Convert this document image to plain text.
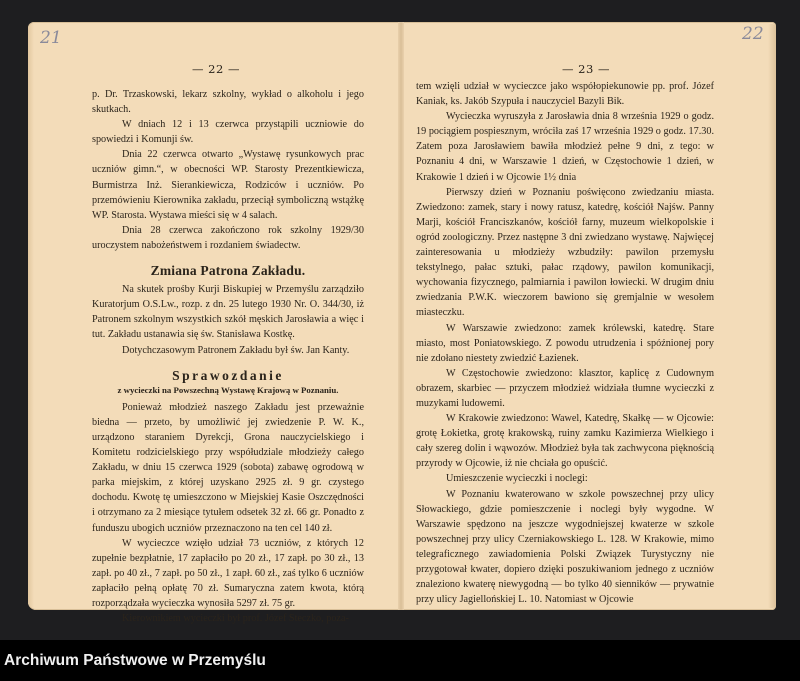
21
— 22 —

p. Dr. Trzaskowski, lekarz szkolny, wykład o alkoholu i jego skutkach.

W dniach 12 i 13 czerwca przystąpili uczniowie do spowiedzi i Komunji św.

Dnia 22 czerwca otwarto „Wystawę rysunkowych prac uczniów gimn.“, w obecności WP. Starosty Prezentkiewicza, Burmistrza Inż. Sierankiewicza, Rodziców i uczniów. Po przemówieniu Kierownika zakładu, przeciął symboliczną wstążkę WP. Starosta. Wystawa mieści się w 4 salach.

Dnia 28 czerwca zakończono rok szkolny 1929/30 uroczystem nabożeństwem i rozdaniem świadectw.

Zmiana Patrona Zakładu.

Na skutek prośby Kurji Biskupiej w Przemyślu zarządziło Kuratorjum O.S.Lw., rozp. z dn. 25 lutego 1930 Nr. O. 344/30, iż Patronem szkolnym wszystkich szkół męskich Jarosławia a więc i tut. Zakładu ustanawia się św. Stanisława Kostkę.

Dotychczasowym Patronem Zakładu był św. Jan Kanty.

Sprawozdanie
z wycieczki na Powszechną Wystawę Krajową w Poznaniu.

Ponieważ młodzież naszego Zakładu jest przeważnie biedna — przeto, by umożliwić jej zwiedzenie P. W. K., urządzono staraniem Dyrekcji, Grona nauczycielskiego i Komitetu rodzicielskiego przy współudziale młodzieży całego Zakładu, w dniu 15 czerwca 1929 (sobota) zabawę ogrodową w parka miejskim, z której uzyskano 2925 zł. 9 gr. czystego dochodu. Kwotę tę umieszczono w Miejskiej Kasie Oszczędności i otrzymano za 2 miesiące tytułem odsetek 32 zł. 66 gr. Ponadto z funduszu ubogich uczniów przeznaczono na ten cel 140 zł.

W wycieczce wzięło udział 73 uczniów, z których 12 zupełnie bezpłatnie, 17 zapłaciło po 20 zł., 17 zapł. po 30 zł., 13 zapł. po 40 zł., 7 zapł. po 50 zł., 1 zapł. 60 zł., zaś tylko 6 uczniów zapłaciło pełną opłatę 70 zł. Sumaryczna zatem kwota, którą rozporządzała wycieczka wynosiła 5297 zł. 75 gr.

Kierownikiem wycieczki był prof. Józef Steczko, poza-

22
— 23 —

tem wzięli udział w wycieczce jako współopiekunowie pp. prof. Józef Kaniak, ks. Jakób Szypuła i nauczyciel Bazyli Bik.

Wycieczka wyruszyła z Jarosławia dnia 8 września 1929 o godz. 19 pociągiem pospiesznym, wróciła zaś 17 września 1929 o godz. 17.30. Zatem poza Jarosławiem bawiła młodzież pełne 9 dni, z tego: w Poznaniu 4 dni, w Warszawie 1 dzień, w Częstochowie 1 dzień, w Krakowie 1 dzień i w Ojcowie 1½ dnia

Pierwszy dzień w Poznaniu poświęcono zwiedzaniu miasta. Zwiedzono: zamek, stary i nowy ratusz, katedrę, kościół Najśw. Panny Marji, kościół Franciszkanów, kościół farny, muzeum wielkopolskie i ogród zoologiczny. Przez następne 3 dni zwiedzano wystawę. Najwięcej zainteresowania u młodzieży wzbudziły: pawilon przemysłu tekstylnego, pałac sztuki, pałac rządowy, pawilon komunikacji, wychowania fizycznego, palmiarnia i pawilon łowiecki. W drugim dniu zwiedzania P.W.K. wieczorem bawiono się gremjalnie w wesołem miasteczku.

W Warszawie zwiedzono: zamek królewski, katedrę. Stare miasto, most Poniatowskiego. Z powodu utrudzenia i spóźnionej pory nie zdołano niestety zwiedzić Łazienek.

W Częstochowie zwiedzono: klasztor, kaplicę z Cudownym obrazem, skarbiec — przyczem młodzież widziała tłumne wycieczki z muzykami ludowemi.

W Krakowie zwiedzono: Wawel, Katedrę, Skałkę — w Ojcowie: grotę Łokietka, grotę krakowską, ruiny zamku Kazimierza Wielkiego i cały szereg dolin i wąwozów. Młodzież była tak zachwycona pięknością przyrody w Ojcowie, iż nie chciała go opuścić.

Umieszczenie wycieczki i noclegi:

W Poznaniu kwaterowano w szkole powszechnej przy ulicy Słowackiego, gdzie pomieszczenie i noclegi były wygodne. W Warszawie spędzono na jeszcze wygodniejszej kwaterze w szkole powszechnej przy ulicy Czerniakowskiego L. 128. W Krakowie, mimo telegraficznego zawiadomienia Polski Związek Turystyczny nie przygotował kwater, dopiero dzięki poszukiwaniom jednego z uczniów znaleziono kwaterę niewygodną — bo tylko 40 sienników — prywatnie przy ulicy Jagiellońskiej L. 10. Natomiast w Ojcowie

Archiwum Państwowe w Przemyślu
